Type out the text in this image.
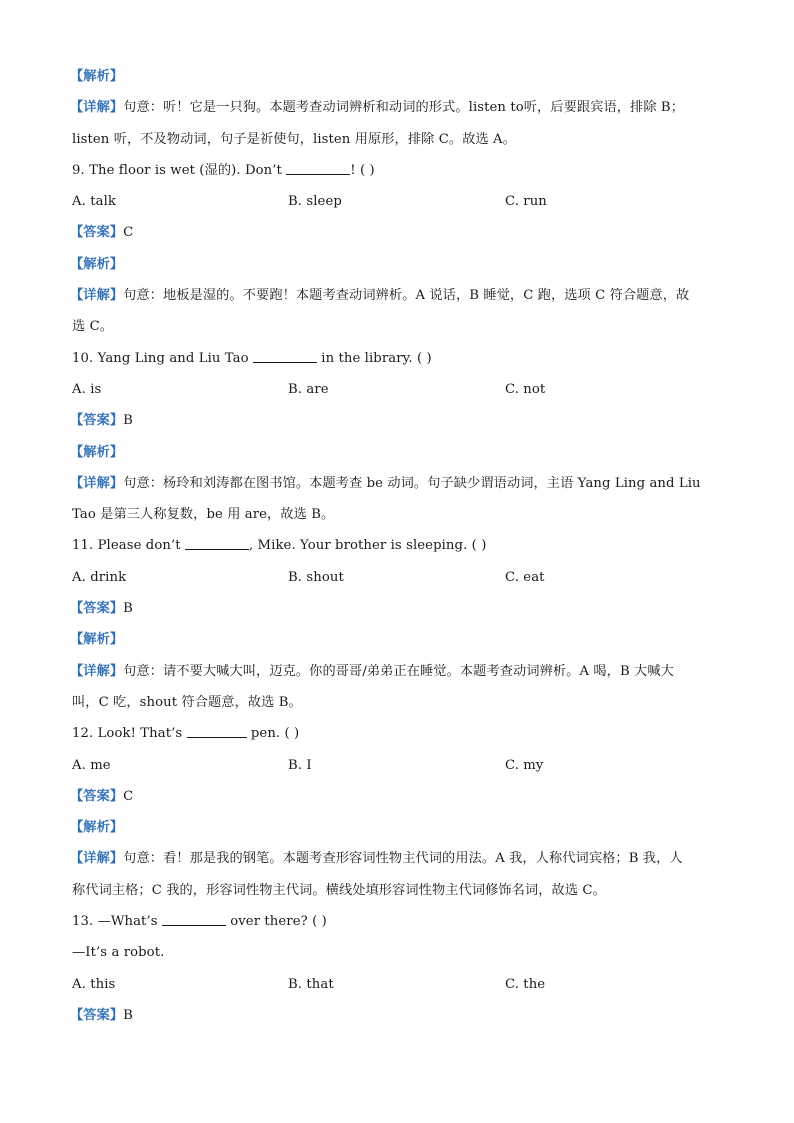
【解析】
【详解】句意：听！它是一只狗。本题考查动词辨析和动词的形式。listen to听，后要跟宾语，排除 B；
listen 听，不及物动词，句子是祈使句，listen 用原形，排除 C。故选 A。
9. The floor is wet (湿的). Don’t	! ( )
A. talk	B. sleep	C. run
【答案】C
【解析】
【详解】句意：地板是湿的。不要跑！本题考查动词辨析。A 说话，B 睡觉，C 跑，选项 C 符合题意，故
选 C。
10. Yang Ling and Liu Tao	in the library. ( )
A. is	B. are	C. not
【答案】B
【解析】
【详解】句意：杨玲和刘涛都在图书馆。本题考查 be 动词。句子缺少谓语动词，主语 Yang Ling and Liu
Tao 是第三人称复数，be 用 are，故选 B。
11. Please don’t	, Mike. Your brother is sleeping. ( )
A. drink	B. shout	C. eat
【答案】B
【解析】
【详解】句意：请不要大喊大叫，迈克。你的哥哥/弟弟正在睡觉。本题考查动词辨析。A 喝，B 大喊大
叫，C 吃，shout 符合题意，故选 B。
12. Look! That’s	pen. ( )
A. me	B. I	C. my
【答案】C
【解析】
【详解】句意：看！那是我的钢笔。本题考查形容词性物主代词的用法。A 我，人称代词宾格；B 我，人
称代词主格；C 我的，形容词性物主代词。横线处填形容词性物主代词修饰名词，故选 C。
13. —What’s	over there? ( )
—It’s a robot.
A. this	B. that	C. the
【答案】B
